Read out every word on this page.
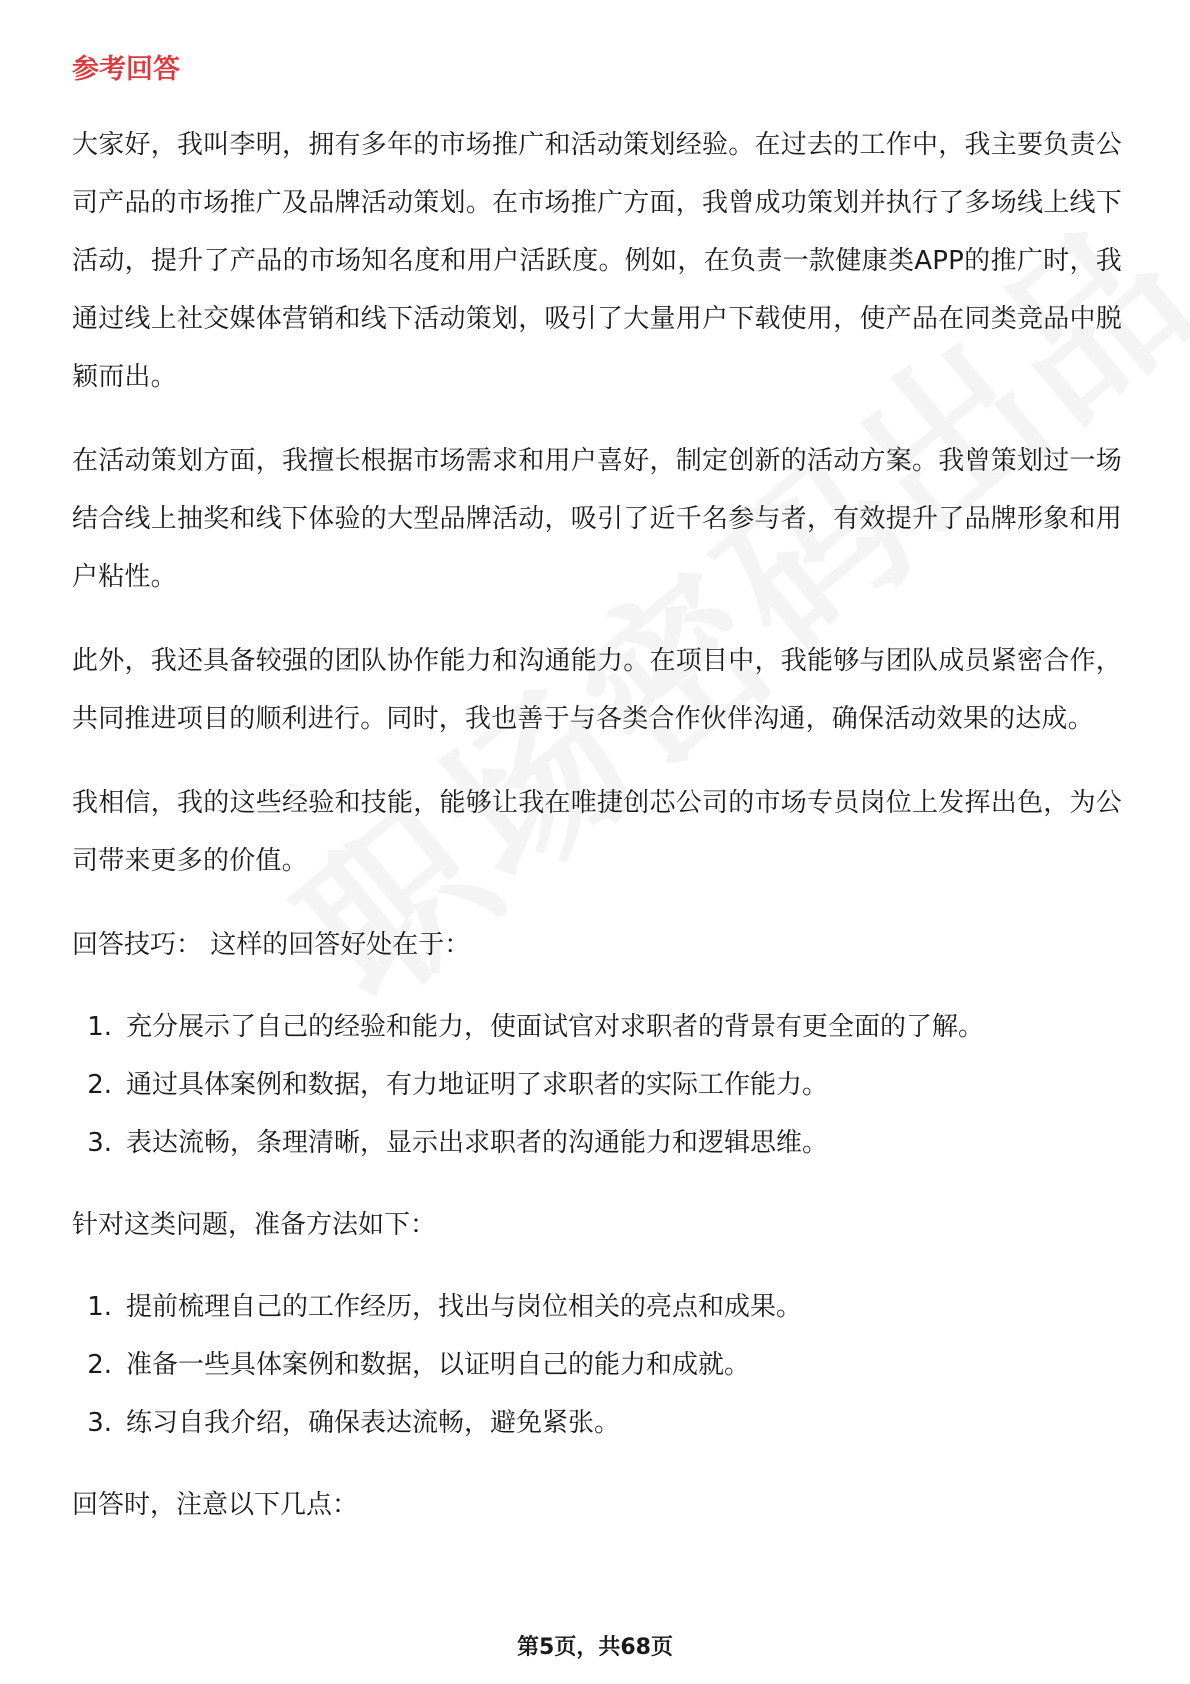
参考回答

大家好，我叫李明，拥有多年的市场推广和活动策划经验。在过去的工作中，我主要负责公司产品的市场推广及品牌活动策划。在市场推广方面，我曾成功策划并执行了多场线上线下活动，提升了产品的市场知名度和用户活跃度。例如，在负责一款健康类APP的推广时，我通过线上社交媒体营销和线下活动策划，吸引了大量用户下载使用，使产品在同类竞品中脱颖而出。

在活动策划方面，我擅长根据市场需求和用户喜好，制定创新的活动方案。我曾策划过一场结合线上抽奖和线下体验的大型品牌活动，吸引了近千名参与者，有效提升了品牌形象和用户粘性。

此外，我还具备较强的团队协作能力和沟通能力。在项目中，我能够与团队成员紧密合作，共同推进项目的顺利进行。同时，我也善于与各类合作伙伴沟通，确保活动效果的达成。

我相信，我的这些经验和技能，能够让我在唯捷创芯公司的市场专员岗位上发挥出色，为公司带来更多的价值。

回答技巧： 这样的回答好处在于：
1. 充分展示了自己的经验和能力，使面试官对求职者的背景有更全面的了解。
2. 通过具体案例和数据，有力地证明了求职者的实际工作能力。
3. 表达流畅，条理清晰，显示出求职者的沟通能力和逻辑思维。
针对这类问题，准备方法如下：
1. 提前梳理自己的工作经历，找出与岗位相关的亮点和成果。
2. 准备一些具体案例和数据，以证明自己的能力和成就。
3. 练习自我介绍，确保表达流畅，避免紧张。
回答时，注意以下几点：
第5页，共68页
